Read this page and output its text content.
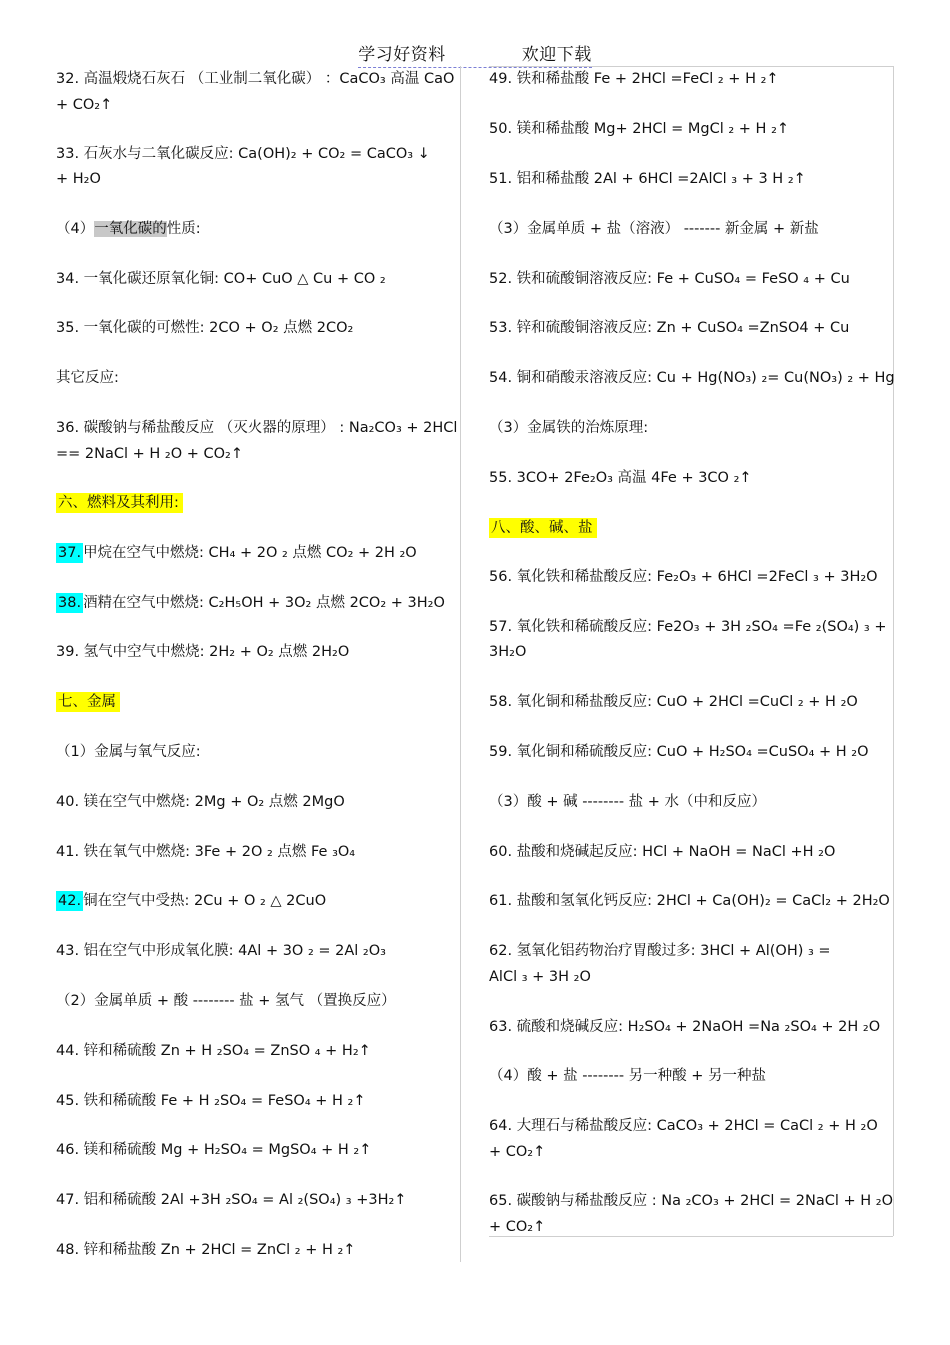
学习好资料	欢迎下载
32. 高温煅烧石灰石 （工业制二氧化碳） ：CaCO₃ 高温 CaO
+ CO₂↑
33. 石灰水与二氧化碳反应: Ca(OH)₂ + CO₂ = CaCO₃ ↓
+ H₂O
（4）一氧化碳的性质:
34. 一氧化碳还原氧化铜: CO+ CuO △ Cu + CO ₂
35. 一氧化碳的可燃性: 2CO + O₂ 点燃 2CO₂
其它反应:
36. 碳酸钠与稀盐酸反应 （灭火器的原理） : Na₂CO₃ + 2HCl
== 2NaCl + H ₂O + CO₂↑
六、燃料及其利用:
37. 甲烷在空气中燃烧: CH₄ + 2O ₂ 点燃 CO₂ + 2H ₂O
38. 酒精在空气中燃烧: C₂H₅OH + 3O₂ 点燃 2CO₂ + 3H₂O
39. 氢气中空气中燃烧: 2H₂ + O₂ 点燃 2H₂O
七、金属
（1）金属与氧气反应:
40. 镁在空气中燃烧: 2Mg + O₂ 点燃 2MgO
41. 铁在氧气中燃烧: 3Fe + 2O ₂ 点燃 Fe ₃O₄
42. 铜在空气中受热: 2Cu + O ₂ △ 2CuO
43. 铝在空气中形成氧化膜: 4Al + 3O ₂ = 2Al ₂O₃
（2）金属单质 + 酸 -------- 盐 + 氢气 （置换反应）
44. 锌和稀硫酸 Zn + H ₂SO₄ = ZnSO ₄ + H₂↑
45. 铁和稀硫酸 Fe + H ₂SO₄ = FeSO₄ + H ₂↑
46. 镁和稀硫酸 Mg + H₂SO₄ = MgSO₄ + H ₂↑
47. 铝和稀硫酸 2Al +3H ₂SO₄ = Al ₂(SO₄) ₃ +3H₂↑
48. 锌和稀盐酸 Zn + 2HCl = ZnCl ₂ + H ₂↑
49. 铁和稀盐酸 Fe + 2HCl =FeCl ₂ + H ₂↑
50. 镁和稀盐酸 Mg+ 2HCl = MgCl ₂ + H ₂↑
51. 铝和稀盐酸 2Al + 6HCl =2AlCl ₃ + 3 H ₂↑
（3）金属单质 + 盐（溶液） ------- 新金属 + 新盐
52. 铁和硫酸铜溶液反应: Fe + CuSO₄ = FeSO ₄ + Cu
53. 锌和硫酸铜溶液反应: Zn + CuSO₄ =ZnSO4 + Cu
54. 铜和硝酸汞溶液反应: Cu + Hg(NO₃) ₂= Cu(NO₃) ₂ + Hg
（3）金属铁的治炼原理:
55. 3CO+ 2Fe₂O₃ 高温 4Fe + 3CO ₂↑
八、酸、碱、盐
56. 氧化铁和稀盐酸反应: Fe₂O₃ + 6HCl =2FeCl ₃ + 3H₂O
57. 氧化铁和稀硫酸反应: Fe2O₃ + 3H ₂SO₄ =Fe ₂(SO₄) ₃ +
3H₂O
58. 氧化铜和稀盐酸反应: CuO + 2HCl =CuCl ₂ + H ₂O
59. 氧化铜和稀硫酸反应: CuO + H₂SO₄ =CuSO₄ + H ₂O
（3）酸 + 碱 -------- 盐 + 水（中和反应）
60. 盐酸和烧碱起反应: HCl + NaOH = NaCl +H ₂O
61. 盐酸和氢氧化钙反应: 2HCl + Ca(OH)₂ = CaCl₂ + 2H₂O
62. 氢氧化铝药物治疗胃酸过多: 3HCl + Al(OH) ₃ =
AlCl ₃ + 3H ₂O
63. 硫酸和烧碱反应: H₂SO₄ + 2NaOH =Na ₂SO₄ + 2H ₂O
（4）酸 + 盐 -------- 另一种酸 + 另一种盐
64. 大理石与稀盐酸反应: CaCO₃ + 2HCl = CaCl ₂ + H ₂O
+ CO₂↑
65. 碳酸钠与稀盐酸反应 : Na ₂CO₃ + 2HCl = 2NaCl + H ₂O
+ CO₂↑
